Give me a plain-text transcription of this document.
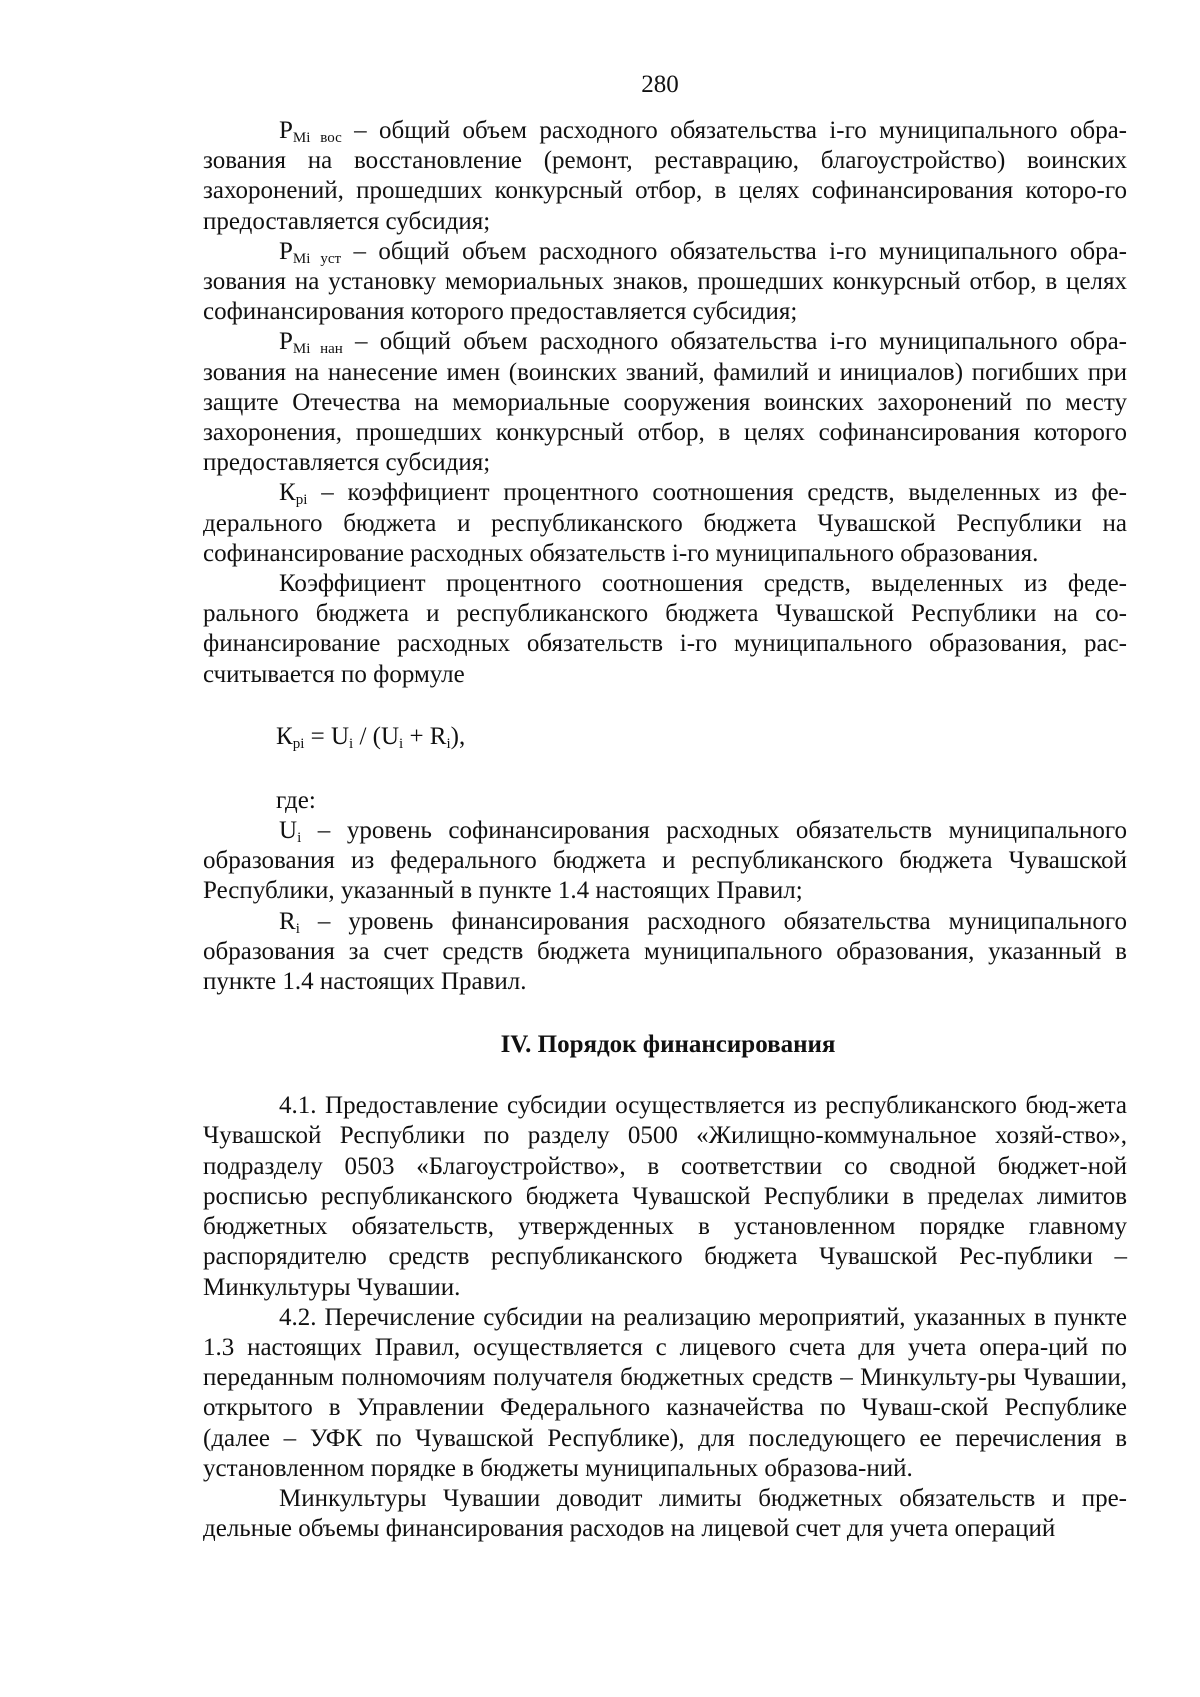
280

$P_{Mi вос}$ – общий объем расходного обязательства i-го муниципального обра-зования на восстановление (ремонт, реставрацию, благоустройство) воинских захоронений, прошедших конкурсный отбор, в целях софинансирования которо-го предоставляется субсидия;

$P_{Mi уст}$ – общий объем расходного обязательства i-го муниципального обра-зования на установку мемориальных знаков, прошедших конкурсный отбор, в целях софинансирования которого предоставляется субсидия;

$P_{Mi нан}$ – общий объем расходного обязательства i-го муниципального обра-зования на нанесение имен (воинских званий, фамилий и инициалов) погибших при защите Отечества на мемориальные сооружения воинских захоронений по месту захоронения, прошедших конкурсный отбор, в целях софинансирования которого предоставляется субсидия;

$К_{pi}$ – коэффициент процентного соотношения средств, выделенных из фе-дерального бюджета и республиканского бюджета Чувашской Республики на софинансирование расходных обязательств i-го муниципального образования.

Коэффициент процентного соотношения средств, выделенных из феде-рального бюджета и республиканского бюджета Чувашской Республики на со-финансирование расходных обязательств i-го муниципального образования, рас-считывается по формуле

$К_{pi} = U_i / (U_i + R_i)$,

где:

$U_i$ – уровень софинансирования расходных обязательств муниципального образования из федерального бюджета и республиканского бюджета Чувашской Республики, указанный в пункте 1.4 настоящих Правил;

$R_i$ – уровень финансирования расходного обязательства муниципального образования за счет средств бюджета муниципального образования, указанный в пункте 1.4 настоящих Правил.

IV. Порядок финансирования

4.1. Предоставление субсидии осуществляется из республиканского бюд-жета Чувашской Республики по разделу 0500 «Жилищно-коммунальное хозяй-ство», подразделу 0503 «Благоустройство», в соответствии со сводной бюджет-ной росписью республиканского бюджета Чувашской Республики в пределах лимитов бюджетных обязательств, утвержденных в установленном порядке главному распорядителю средств республиканского бюджета Чувашской Рес-публики – Минкультуры Чувашии.

4.2. Перечисление субсидии на реализацию мероприятий, указанных в пункте 1.3 настоящих Правил, осуществляется с лицевого счета для учета опера-ций по переданным полномочиям получателя бюджетных средств – Минкульту-ры Чувашии, открытого в Управлении Федерального казначейства по Чуваш-ской Республике (далее – УФК по Чувашской Республике), для последующего ее перечисления в установленном порядке в бюджеты муниципальных образова-ний.

Минкультуры Чувашии доводит лимиты бюджетных обязательств и пре-дельные объемы финансирования расходов на лицевой счет для учета операций
